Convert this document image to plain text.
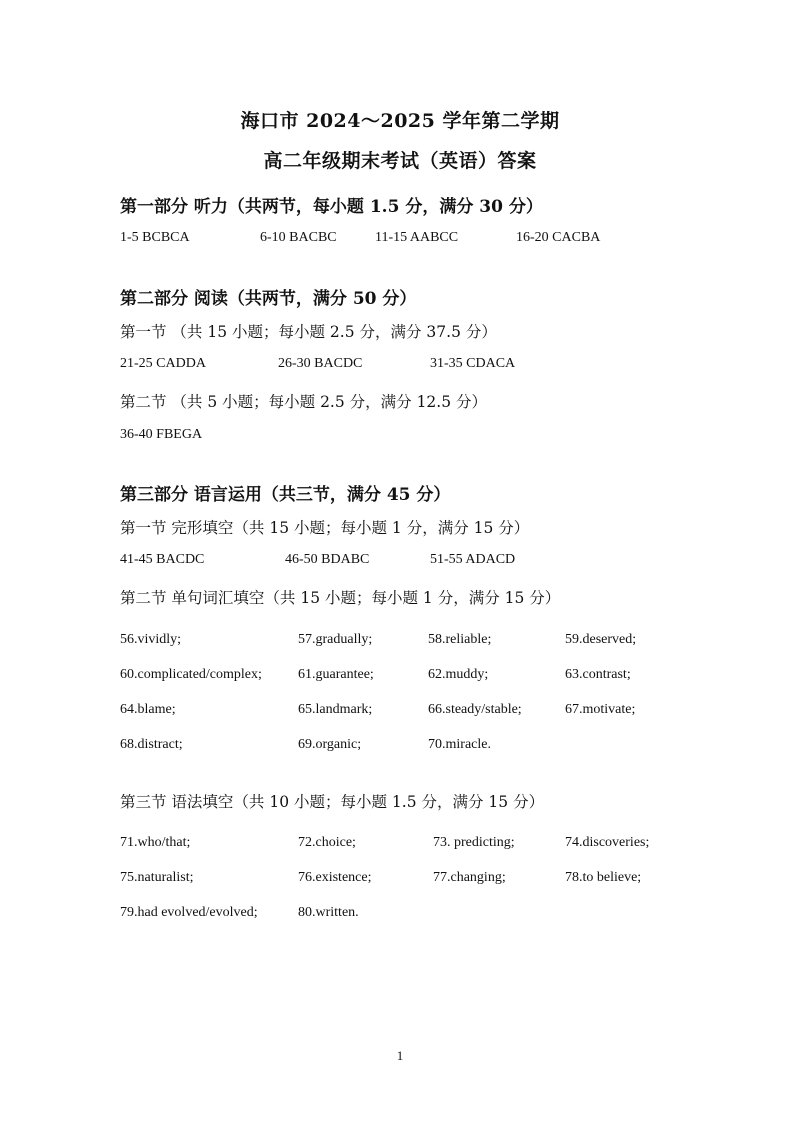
海口市 2024～2025 学年第二学期
高二年级期末考试（英语）答案
第一部分 听力（共两节，每小题 1.5 分，满分 30 分）
1-5 BCBCA	6-10 BACBC	11-15 AABCC	16-20 CACBA
第二部分 阅读（共两节，满分 50 分）
第一节 （共 15 小题；每小题 2.5 分，满分 37.5 分）
21-25 CADDA	26-30 BACDC	31-35 CDACA
第二节 （共 5 小题；每小题 2.5 分，满分 12.5 分）
36-40 FBEGA
第三部分 语言运用（共三节，满分 45 分）
第一节 完形填空（共 15 小题；每小题 1 分，满分 15 分）
41-45 BACDC	46-50 BDABC	51-55 ADACD
第二节 单句词汇填空（共 15 小题；每小题 1 分，满分 15 分）
56.vividly;	57.gradually;	58.reliable;	59.deserved;
60.complicated/complex;	61.guarantee;	62.muddy;	63.contrast;
64.blame;	65.landmark;	66.steady/stable;	67.motivate;
68.distract;	69.organic;	70.miracle.
第三节 语法填空（共 10 小题；每小题 1.5 分，满分 15 分）
71.who/that;	72.choice;	73. predicting;	74.discoveries;
75.naturalist;	76.existence;	77.changing;	78.to believe;
79.had evolved/evolved;	80.written.
1
